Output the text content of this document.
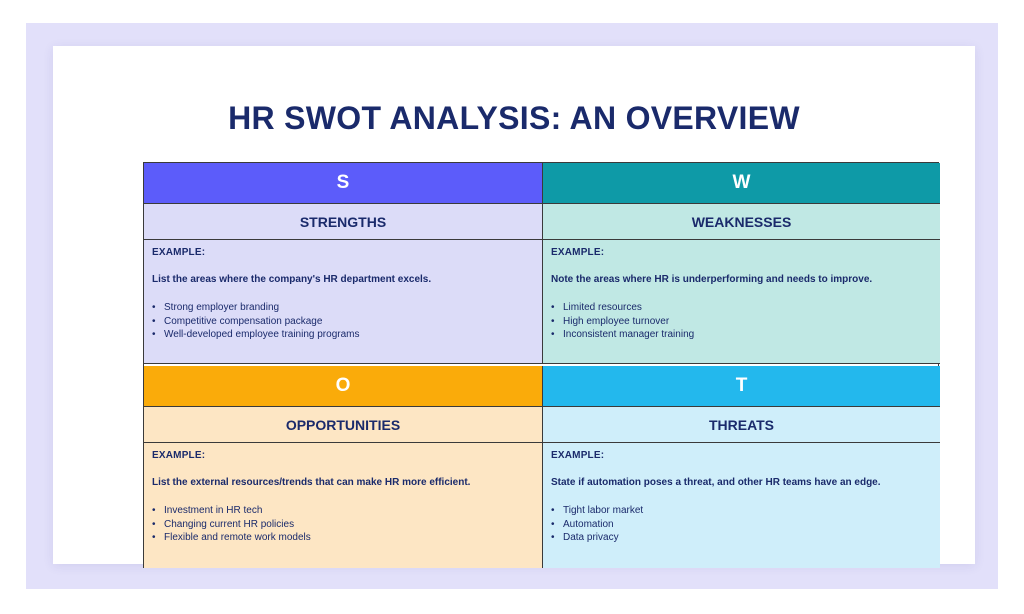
HR SWOT ANALYSIS: AN OVERVIEW
S
STRENGTHS
EXAMPLE:
List the areas where the company's HR department excels.
• Strong employer branding
• Competitive compensation package
• Well-developed employee training programs
W
WEAKNESSES
EXAMPLE:
Note the areas where HR is underperforming and needs to improve.
• Limited resources
• High employee turnover
• Inconsistent manager training
O
OPPORTUNITIES
EXAMPLE:
List the external resources/trends that can make HR more efficient.
• Investment in HR tech
• Changing current HR policies
• Flexible and remote work models
T
THREATS
EXAMPLE:
State if automation poses a threat, and other HR teams have an edge.
• Tight labor market
• Automation
• Data privacy
